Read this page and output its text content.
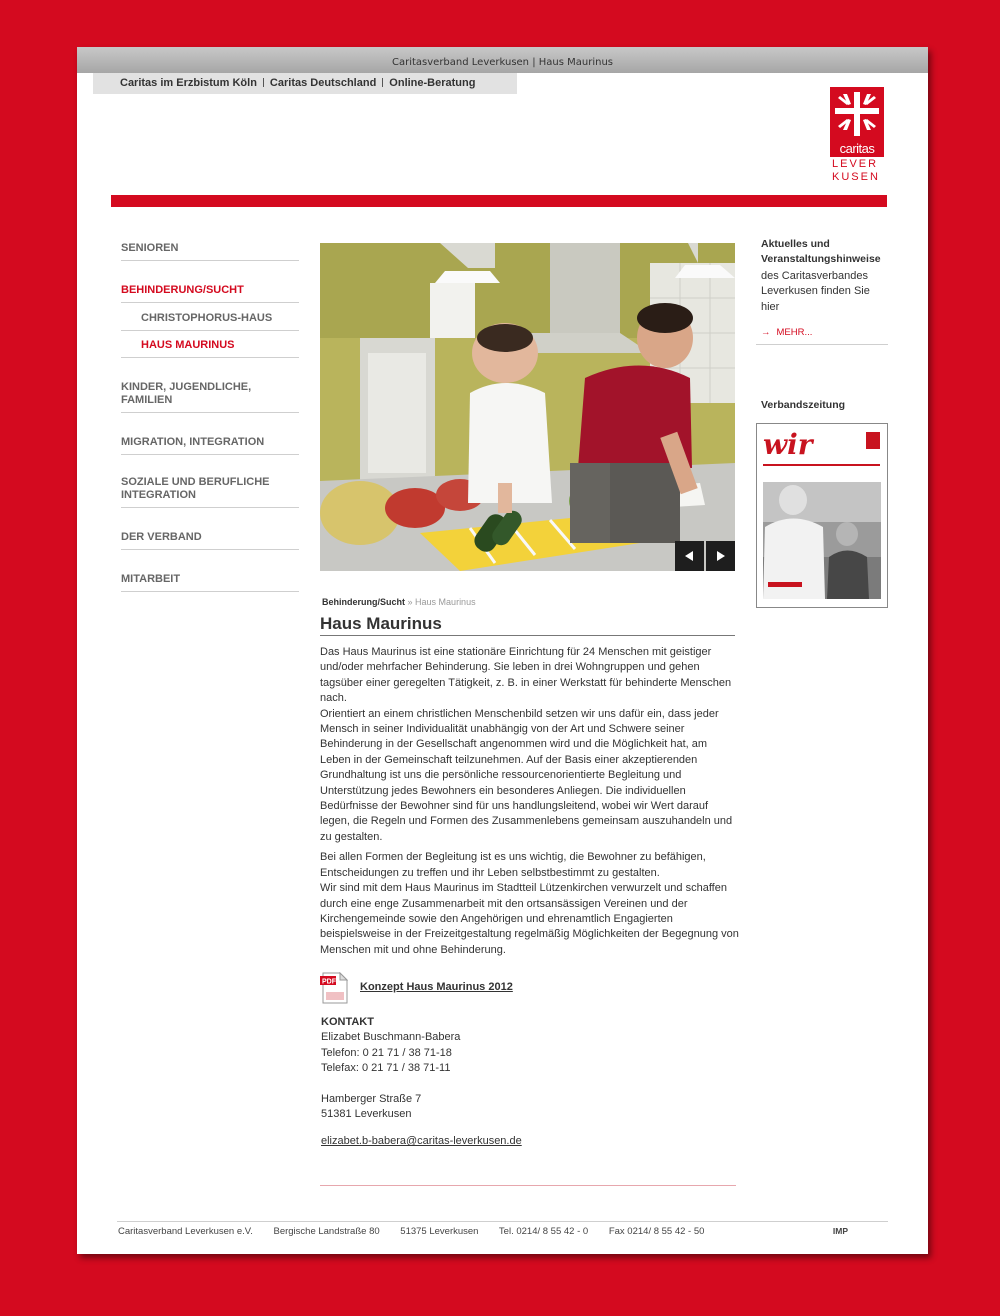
Caritasverband Leverkusen | Haus Maurinus
Caritas im Erzbistum Köln Caritas Deutschland Online-Beratung
caritas
LEVER
KUSEN
SENIOREN
BEHINDERUNG/SUCHT
CHRISTOPHORUS-HAUS
HAUS MAURINUS
KINDER, JUGENDLICHE, FAMILIEN
MIGRATION, INTEGRATION
SOZIALE UND BERUFLICHE INTEGRATION
DER VERBAND
MITARBEIT
Behinderung/Sucht » Haus Maurinus
Haus Maurinus

Das Haus Maurinus ist eine stationäre Einrichtung für 24 Menschen mit geistiger und/oder mehrfacher Behinderung. Sie leben in drei Wohngruppen und gehen tagsüber einer geregelten Tätigkeit, z. B. in einer Werkstatt für behinderte Menschen nach.
Orientiert an einem christlichen Menschenbild setzen wir uns dafür ein, dass jeder Mensch in seiner Individualität unabhängig von der Art und Schwere seiner Behinderung in der Gesellschaft angenommen wird und die Möglichkeit hat, am Leben in der Gemeinschaft teilzunehmen. Auf der Basis einer akzeptierenden Grundhaltung ist uns die persönliche ressourcenorientierte Begleitung und Unterstützung jedes Bewohners ein besonderes Anliegen. Die individuellen Bedürfnisse der Bewohner sind für uns handlungsleitend, wobei wir Wert darauf legen, die Regeln und Formen des Zusammenlebens gemeinsam auszuhandeln und zu gestalten.

Bei allen Formen der Begleitung ist es uns wichtig, die Bewohner zu befähigen, Entscheidungen zu treffen und ihr Leben selbstbestimmt zu gestalten.
Wir sind mit dem Haus Maurinus im Stadtteil Lützenkirchen verwurzelt und schaffen durch eine enge Zusammenarbeit mit den ortsansässigen Vereinen und der Kirchengemeinde sowie den Angehörigen und ehrenamtlich Engagierten beispielsweise in der Freizeitgestaltung regelmäßig Möglichkeiten der Begegnung von Menschen mit und ohne Behinderung.

PDF Konzept Haus Maurinus 2012
KONTAKT
Elizabet Buschmann-Babera
Telefon: 0 21 71 / 38 71-18
Telefax: 0 21 71 / 38 71-11
Hamberger Straße 7
51381 Leverkusen
elizabet.b-babera@caritas-leverkusen.de
Aktuelles und Veranstaltungshinweise
des Caritasverbandes Leverkusen finden Sie hier
→ MEHR...
Verbandszeitung
wir
Caritasverband Leverkusen e.V. Bergische Landstraße 80 51375 Leverkusen Tel. 0214/ 8 55 42 - 0 Fax 0214/ 8 55 42 - 50	IMP
